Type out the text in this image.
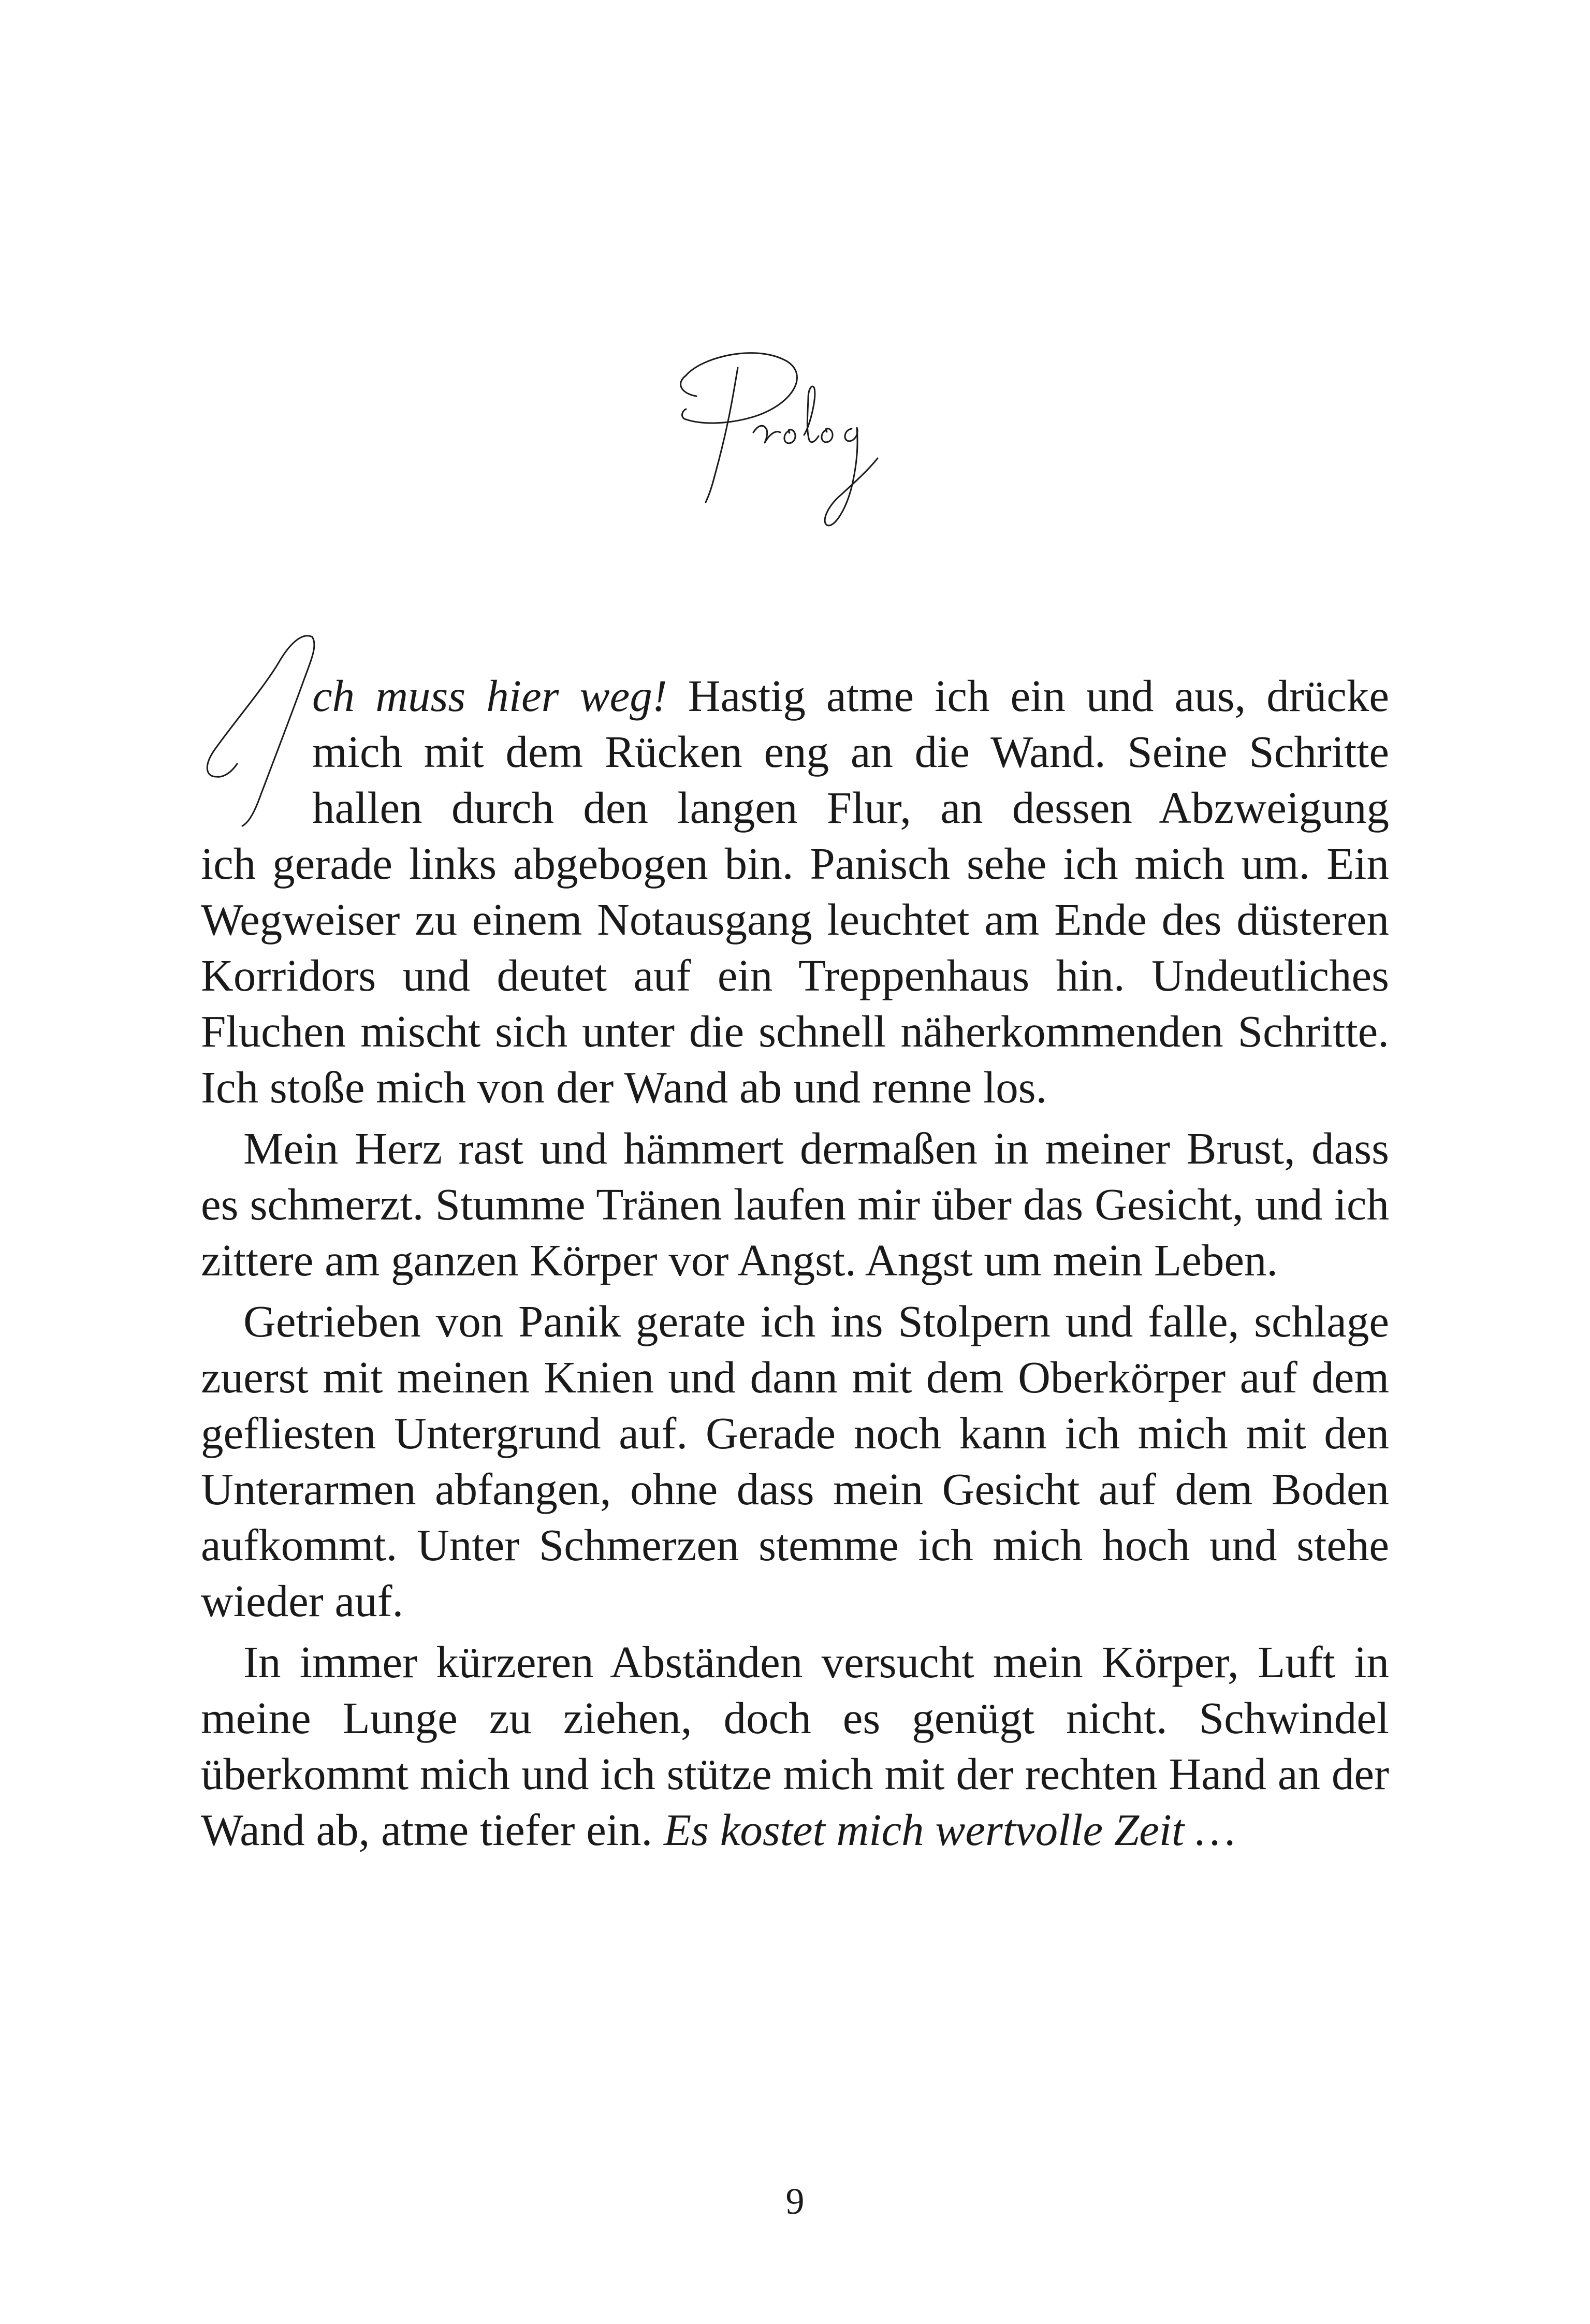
ch muss hier weg! Hastig atme ich ein und aus, drücke
mich mit dem Rücken eng an die Wand. Seine Schritte
hallen durch den langen Flur, an dessen Abzweigung
ich gerade links abgebogen bin. Panisch sehe ich mich um. Ein Wegweiser zu einem Notausgang leuchtet am Ende des düsteren Korridors und deutet auf ein Treppenhaus hin. Undeutliches Fluchen mischt sich unter die schnell näherkommenden Schritte. Ich stoße mich von der Wand ab und renne los.

Mein Herz rast und hämmert dermaßen in meiner Brust, dass es schmerzt. Stumme Tränen laufen mir über das Gesicht, und ich zittere am ganzen Körper vor Angst. Angst um mein Leben.

Getrieben von Panik gerate ich ins Stolpern und falle, schlage zuerst mit meinen Knien und dann mit dem Oberkörper auf dem gefliesten Untergrund auf. Gerade noch kann ich mich mit den Unterarmen abfangen, ohne dass mein Gesicht auf dem Boden aufkommt. Unter Schmerzen stemme ich mich hoch und stehe wieder auf.

In immer kürzeren Abständen versucht mein Körper, Luft in meine Lunge zu ziehen, doch es genügt nicht. Schwindel überkommt mich und ich stütze mich mit der rechten Hand an der Wand ab, atme tiefer ein. Es kostet mich wertvolle Zeit …

9
